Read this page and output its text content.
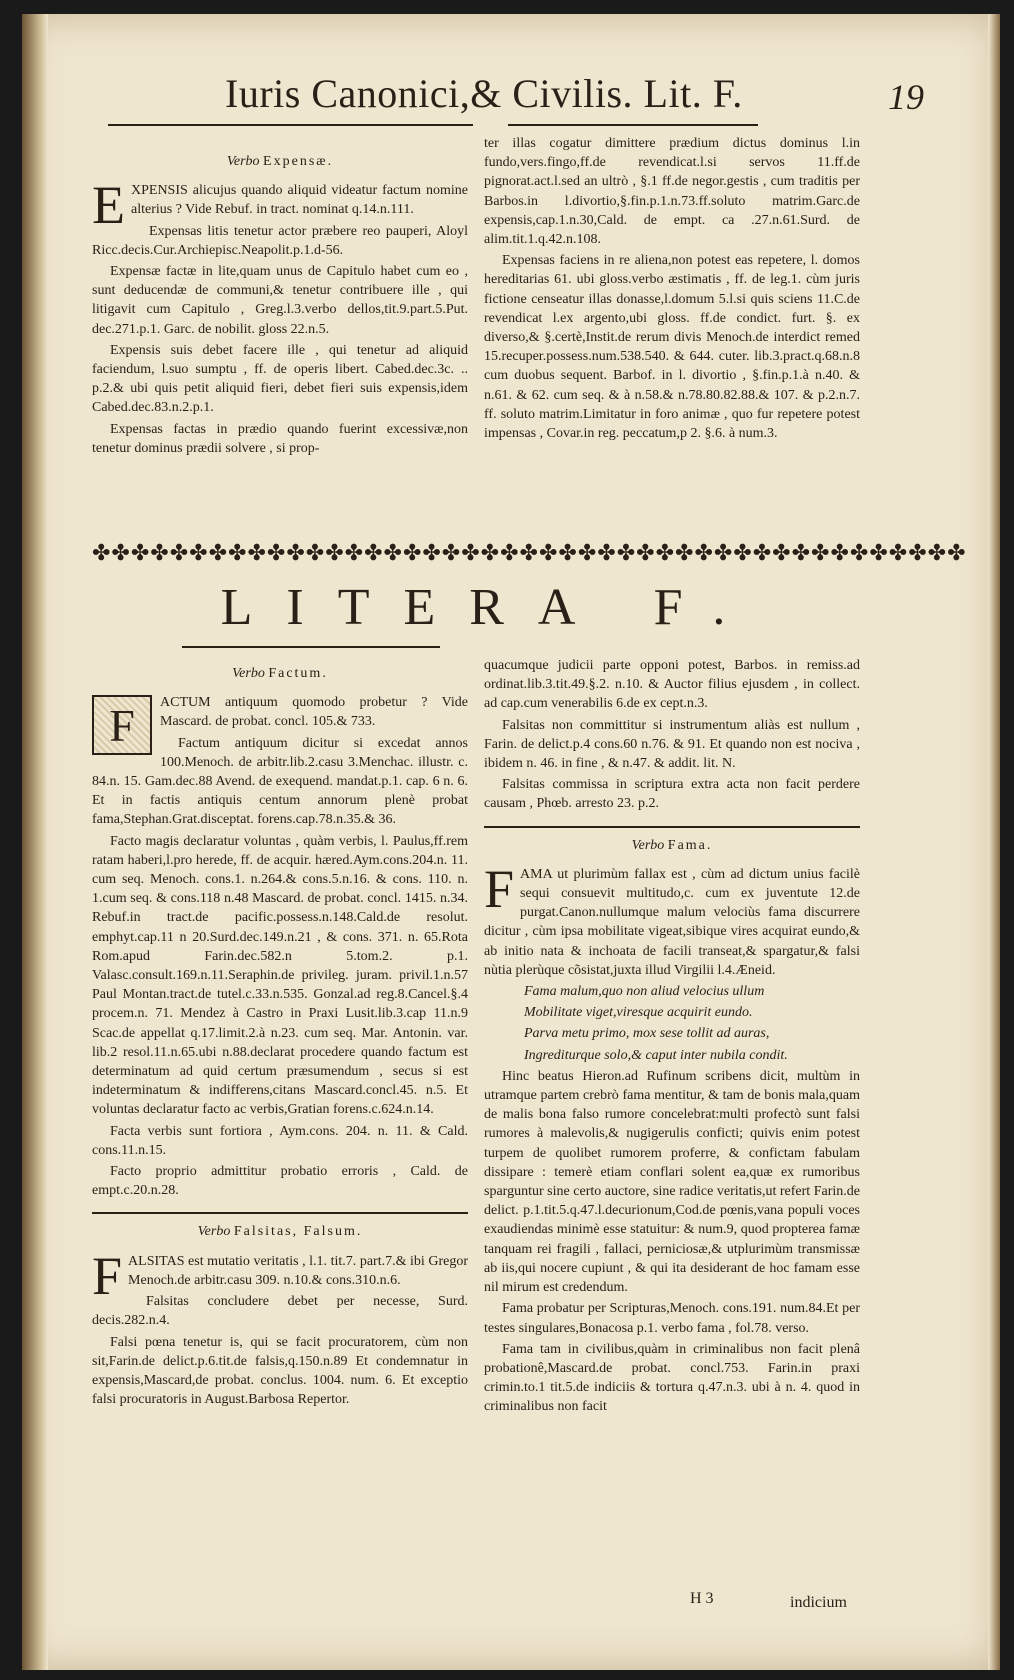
Iuris Canonici,& Civilis. Lit. F.	19
Verbo Expensæ.

EXPENSIS alicujus quando aliquid videatur factum nomine alterius ? Vide Rebuf. in tract. nominat q.14.n.111.

Expensas litis tenetur actor præbere reo pauperi, Aloyl Ricc.decis.Cur.Archiepisc.Neapolit.p.1.d-56.

Expensæ factæ in lite,quam unus de Capitulo habet cum eo , sunt deducendæ de communi,& tenetur contribuere ille , qui litigavit cum Capitulo , Greg.l.3.verbo dellos,tit.9.part.5.Put. dec.271.p.1. Garc. de nobilit. gloss 22.n.5.

Expensis suis debet facere ille , qui tenetur ad aliquid faciendum, l.suo sumptu , ff. de operis libert. Cabed.dec.3c. .. p.2.& ubi quis petit aliquid fieri, debet fieri suis expensis,idem Cabed.dec.83.n.2.p.1.

Expensas factas in prædio quando fuerint excessivæ,non tenetur dominus prædii solvere , si prop-

ter illas cogatur dimittere prædium dictus dominus l.in fundo,vers.fingo,ff.de revendicat.l.si servos 11.ff.de pignorat.act.l.sed an ultrò , §.1 ff.de negor.gestis , cum traditis per Barbos.in l.divortio,§.fin.p.1.n.73.ff.soluto matrim.Garc.de expensis,cap.1.n.30,Cald. de empt. ca .27.n.61.Surd. de alim.tit.1.q.42.n.108.

Expensas faciens in re aliena,non potest eas repetere, l. domos hereditarias 61. ubi gloss.verbo æstimatis , ff. de leg.1. cùm juris fictione censeatur illas donasse,l.domum 5.l.si quis sciens 11.C.de revendicat l.ex argento,ubi gloss. ff.de condict. furt. §. ex diverso,& §.certè,Instit.de rerum divis Menoch.de interdict remed 15.recuper.possess.num.538.540. & 644. cuter. lib.3.pract.q.68.n.8 cum duobus sequent. Barbof. in l. divortio , §.fin.p.1.à n.40. & n.61. & 62. cum seq. & à n.58.& n.78.80.82.88.& 107. & p.2.n.7. ff. soluto matrim.Limitatur in foro animæ , quo fur repetere potest impensas , Covar.in reg. peccatum,p 2. §.6. à num.3.

✤✤✤✤✤✤✤✤✤✤✤✤✤✤✤✤✤✤✤✤✤✤✤✤✤✤✤✤✤✤✤✤✤✤✤✤✤✤✤✤✤✤✤✤✤
LITERA F.
Verbo Factum.

F	ACTUM antiquum quomodo probetur ? Vide Mascard. de probat. concl. 105.& 733.

Factum antiquum dicitur si excedat annos 100.Menoch. de arbitr.lib.2.casu 3.Menchac. illustr. c. 84.n. 15. Gam.dec.88 Avend. de exequend. mandat.p.1. cap. 6 n. 6. Et in factis antiquis centum annorum plenè probat fama,Stephan.Grat.disceptat. forens.cap.78.n.35.& 36.

Facto magis declaratur voluntas , quàm verbis, l. Paulus,ff.rem ratam haberi,l.pro herede, ff. de acquir. hæred.Aym.cons.204.n. 11. cum seq. Menoch. cons.1. n.264.& cons.5.n.16. & cons. 110. n. 1.cum seq. & cons.118 n.48 Mascard. de probat. concl. 1415. n.34. Rebuf.in tract.de pacific.possess.n.148.Cald.de resolut. emphyt.cap.11 n 20.Surd.dec.149.n.21 , & cons. 371. n. 65.Rota Rom.apud Farin.dec.582.n 5.tom.2. p.1. Valasc.consult.169.n.11.Seraphin.de privileg. juram. privil.1.n.57 Paul Montan.tract.de tutel.c.33.n.535. Gonzal.ad reg.8.Cancel.§.4 procem.n. 71. Mendez à Castro in Praxi Lusit.lib.3.cap 11.n.9 Scac.de appellat q.17.limit.2.à n.23. cum seq. Mar. Antonin. var. lib.2 resol.11.n.65.ubi n.88.declarat procedere quando factum est determinatum ad quid certum præsumendum , secus si est indeterminatum & indifferens,citans Mascard.concl.45. n.5. Et voluntas declaratur facto ac verbis,Gratian forens.c.624.n.14.

Facta verbis sunt fortiora , Aym.cons. 204. n. 11. & Cald. cons.11.n.15.

Facto proprio admittitur probatio erroris , Cald. de empt.c.20.n.28.

Verbo Falsitas, Falsum.

FALSITAS est mutatio veritatis , l.1. tit.7. part.7.& ibi Gregor Menoch.de arbitr.casu 309. n.10.& cons.310.n.6.

Falsitas concludere debet per necesse, Surd. decis.282.n.4.

Falsi pœna tenetur is, qui se facit procuratorem, cùm non sit,Farin.de delict.p.6.tit.de falsis,q.150.n.89 Et condemnatur in expensis,Mascard,de probat. conclus. 1004. num. 6. Et exceptio falsi procuratoris in August.Barbosa Repertor.

quacumque judicii parte opponi potest, Barbos. in remiss.ad ordinat.lib.3.tit.49.§.2. n.10. & Auctor filius ejusdem , in collect. ad cap.cum venerabilis 6.de ex cept.n.3.

Falsitas non committitur si instrumentum aliàs est nullum , Farin. de delict.p.4 cons.60 n.76. & 91. Et quando non est nociva , ibidem n. 46. in fine , & n.47. & addit. lit. N.

Falsitas commissa in scriptura extra acta non facit perdere causam , Phœb. arresto 23. p.2.

Verbo Fama.

FAMA ut plurimùm fallax est , cùm ad dictum unius facilè sequi consuevit multitudo,c. cum ex juventute 12.de purgat.Canon.nullumque malum velociùs fama discurrere dicitur , cùm ipsa mobilitate vigeat,sibique vires acquirat eundo,& ab initio nata & inchoata de facili transeat,& spargatur,& falsi nùtia plerùque cõsistat,juxta illud Virgilii l.4.Æneid.

Fama malum,quo non aliud velocius ullum

Mobilitate viget,viresque acquirit eundo.

Parva metu primo, mox sese tollit ad auras,

Ingrediturque solo,& caput inter nubila condit.

Hinc beatus Hieron.ad Rufinum scribens dicit, multùm in utramque partem crebrò fama mentitur, & tam de bonis mala,quam de malis bona falso rumore concelebrat:multi profectò sunt falsi rumores à malevolis,& nugigerulis conficti; quivis enim potest turpem de quolibet rumorem proferre, & confictam fabulam dissipare : temerè etiam conflari solent ea,quæ ex rumoribus sparguntur sine certo auctore, sine radice veritatis,ut refert Farin.de delict. p.1.tit.5.q.47.l.decurionum,Cod.de pœnis,vana populi voces exaudiendas minimè esse statuitur: & num.9, quod propterea famæ tanquam rei fragili , fallaci, perniciosæ,& utplurimùm transmissæ ab iis,qui nocere cupiunt , & qui ita desiderant de hoc famam esse nil mirum est credendum.

Fama probatur per Scripturas,Menoch. cons.191. num.84.Et per testes singulares,Bonacosa p.1. verbo fama , fol.78. verso.

Fama tam in civilibus,quàm in criminalibus non facit plenâ probationê,Mascard.de probat. concl.753. Farin.in praxi crimin.to.1 tit.5.de indiciis & tortura q.47.n.3. ubi à n. 4. quod in criminalibus non facit

H 3	indicium
